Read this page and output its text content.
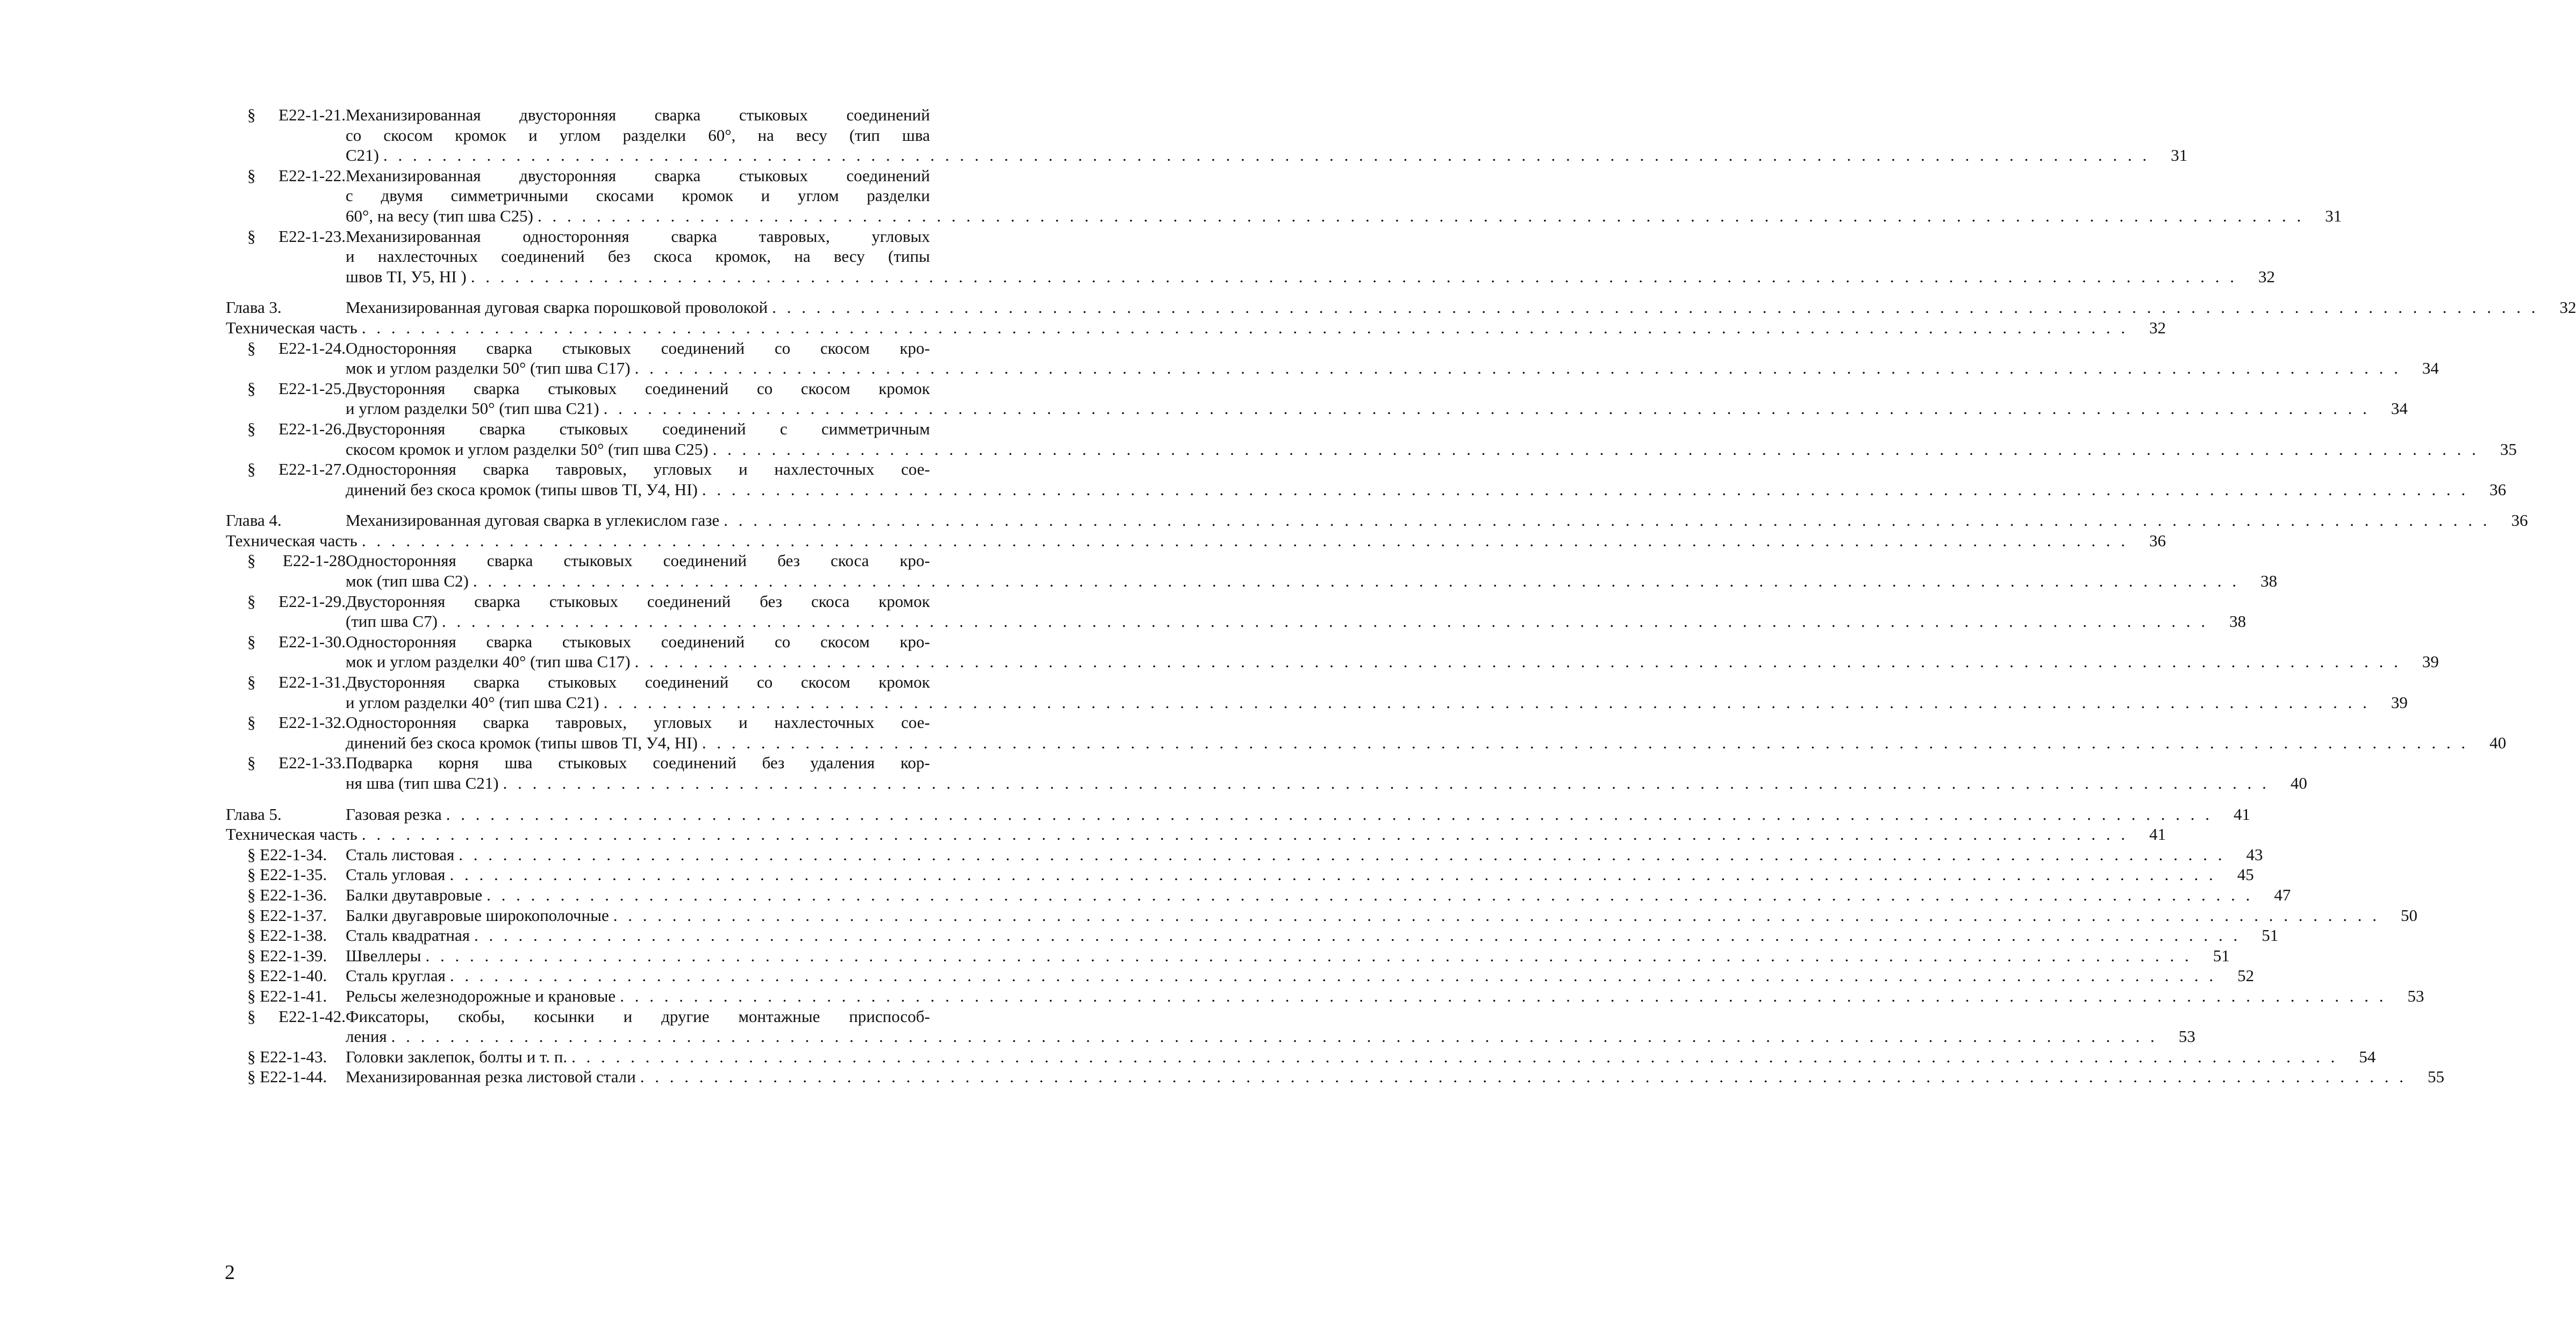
§ Е22-1-21.Механизированная двусторонняя сварка стыковых соединений
со скосом кромок и углом разделки 60°, на весу (тип шва
С21) . . . . . . . . . . . . . . . . . . . . . . . . . . . . . . . . . . . . . . . . . . . . . . . . . . . . . . . . . . . . . . . . . . . . . . . . . . . . . . . . . . . . . . . . . . . . . . . . . . . . . . . . . . . . . . . . . . . . . . . .	31
§ Е22-1-22.Механизированная двусторонняя сварка стыковых соединений
с двумя симметричными скосами кромок и углом разделки
60°, на весу (тип шва С25) . . . . . . . . . . . . . . . . . . . . . . . . . . . . . . . . . . . . . . . . . . . . . . . . . . . . . . . . . . . . . . . . . . . . . . . . . . . . . . . . . . . . . . . . . . . . . . . . . . . . . . . . . . . . . . . . . . . . . . . .	31
§ Е22-1-23.Механизированная односторонняя сварка тавровых, угловых
и нахлесточных соединений без скоса кромок, на весу (типы
швов TI, У5, HI ) . . . . . . . . . . . . . . . . . . . . . . . . . . . . . . . . . . . . . . . . . . . . . . . . . . . . . . . . . . . . . . . . . . . . . . . . . . . . . . . . . . . . . . . . . . . . . . . . . . . . . . . . . . . . . . . . . . . . . . . .	32
Глава 3.	Механизированная дуговая сварка порошковой проволокой . . . . . . . . . . . . . . . . . . . . . . . . . . . . . . . . . . . . . . . . . . . . . . . . . . . . . . . . . . . . . . . . . . . . . . . . . . . . . . . . . . . . . . . . . . . . . . . . . . . . . . . . . . . . . . . . . . . . . . . .	32
Техническая часть . . . . . . . . . . . . . . . . . . . . . . . . . . . . . . . . . . . . . . . . . . . . . . . . . . . . . . . . . . . . . . . . . . . . . . . . . . . . . . . . . . . . . . . . . . . . . . . . . . . . . . . . . . . . . . . . . . . . . . . .	32
§ Е22-1-24.Односторонняя сварка стыковых соединений со скосом кро-
мок и углом разделки 50° (тип шва С17) . . . . . . . . . . . . . . . . . . . . . . . . . . . . . . . . . . . . . . . . . . . . . . . . . . . . . . . . . . . . . . . . . . . . . . . . . . . . . . . . . . . . . . . . . . . . . . . . . . . . . . . . . . . . . . . . . . . . . . . .	34
§ Е22-1-25.Двусторонняя сварка стыковых соединений со скосом кромок
и углом разделки 50° (тип шва С21) . . . . . . . . . . . . . . . . . . . . . . . . . . . . . . . . . . . . . . . . . . . . . . . . . . . . . . . . . . . . . . . . . . . . . . . . . . . . . . . . . . . . . . . . . . . . . . . . . . . . . . . . . . . . . . . . . . . . . . . .	34
§ Е22-1-26.Двусторонняя сварка стыковых соединений с симметричным
скосом кромок и углом разделки 50° (тип шва С25) . . . . . . . . . . . . . . . . . . . . . . . . . . . . . . . . . . . . . . . . . . . . . . . . . . . . . . . . . . . . . . . . . . . . . . . . . . . . . . . . . . . . . . . . . . . . . . . . . . . . . . . . . . . . . . . . . . . . . . . .	35
§ Е22-1-27.Односторонняя сварка тавровых, угловых и нахлесточных сое-
динений без скоса кромок (типы швов TI, У4, HI) . . . . . . . . . . . . . . . . . . . . . . . . . . . . . . . . . . . . . . . . . . . . . . . . . . . . . . . . . . . . . . . . . . . . . . . . . . . . . . . . . . . . . . . . . . . . . . . . . . . . . . . . . . . . . . . . . . . . . . . .	36
Глава 4.	Механизированная дуговая сварка в углекислом газе . . . . . . . . . . . . . . . . . . . . . . . . . . . . . . . . . . . . . . . . . . . . . . . . . . . . . . . . . . . . . . . . . . . . . . . . . . . . . . . . . . . . . . . . . . . . . . . . . . . . . . . . . . . . . . . . . . . . . . . .	36
Техническая часть . . . . . . . . . . . . . . . . . . . . . . . . . . . . . . . . . . . . . . . . . . . . . . . . . . . . . . . . . . . . . . . . . . . . . . . . . . . . . . . . . . . . . . . . . . . . . . . . . . . . . . . . . . . . . . . . . . . . . . . .	36
§ Е22-1-28Односторонняя сварка стыковых соединений без скоса кро-
мок (тип шва С2) . . . . . . . . . . . . . . . . . . . . . . . . . . . . . . . . . . . . . . . . . . . . . . . . . . . . . . . . . . . . . . . . . . . . . . . . . . . . . . . . . . . . . . . . . . . . . . . . . . . . . . . . . . . . . . . . . . . . . . . .	38
§ Е22-1-29.Двусторонняя сварка стыковых соединений без скоса кромок
(тип шва С7) . . . . . . . . . . . . . . . . . . . . . . . . . . . . . . . . . . . . . . . . . . . . . . . . . . . . . . . . . . . . . . . . . . . . . . . . . . . . . . . . . . . . . . . . . . . . . . . . . . . . . . . . . . . . . . . . . . . . . . . .	38
§ Е22-1-30.Односторонняя сварка стыковых соединений со скосом кро-
мок и углом разделки 40° (тип шва С17) . . . . . . . . . . . . . . . . . . . . . . . . . . . . . . . . . . . . . . . . . . . . . . . . . . . . . . . . . . . . . . . . . . . . . . . . . . . . . . . . . . . . . . . . . . . . . . . . . . . . . . . . . . . . . . . . . . . . . . . .	39
§ Е22-1-31.Двусторонняя сварка стыковых соединений со скосом кромок
и углом разделки 40° (тип шва С21) . . . . . . . . . . . . . . . . . . . . . . . . . . . . . . . . . . . . . . . . . . . . . . . . . . . . . . . . . . . . . . . . . . . . . . . . . . . . . . . . . . . . . . . . . . . . . . . . . . . . . . . . . . . . . . . . . . . . . . . .	39
§ Е22-1-32.Односторонняя сварка тавровых, угловых и нахлесточных сое-
динений без скоса кромок (типы швов TI, У4, HI) . . . . . . . . . . . . . . . . . . . . . . . . . . . . . . . . . . . . . . . . . . . . . . . . . . . . . . . . . . . . . . . . . . . . . . . . . . . . . . . . . . . . . . . . . . . . . . . . . . . . . . . . . . . . . . . . . . . . . . . .	40
§ Е22-1-33.Подварка корня шва стыковых соединений без удаления кор-
ня шва (тип шва С21) . . . . . . . . . . . . . . . . . . . . . . . . . . . . . . . . . . . . . . . . . . . . . . . . . . . . . . . . . . . . . . . . . . . . . . . . . . . . . . . . . . . . . . . . . . . . . . . . . . . . . . . . . . . . . . . . . . . . . . . .	40
Глава 5.	Газовая резка . . . . . . . . . . . . . . . . . . . . . . . . . . . . . . . . . . . . . . . . . . . . . . . . . . . . . . . . . . . . . . . . . . . . . . . . . . . . . . . . . . . . . . . . . . . . . . . . . . . . . . . . . . . . . . . . . . . . . . . .	41
Техническая часть . . . . . . . . . . . . . . . . . . . . . . . . . . . . . . . . . . . . . . . . . . . . . . . . . . . . . . . . . . . . . . . . . . . . . . . . . . . . . . . . . . . . . . . . . . . . . . . . . . . . . . . . . . . . . . . . . . . . . . . .	41
§ Е22-1-34. Сталь листовая . . . . . . . . . . . . . . . . . . . . . . . . . . . . . . . . . . . . . . . . . . . . . . . . . . . . . . . . . . . . . . . . . . . . . . . . . . . . . . . . . . . . . . . . . . . . . . . . . . . . . . . . . . . . . . . . . . . . . . . .	43
§ Е22-1-35. Сталь угловая . . . . . . . . . . . . . . . . . . . . . . . . . . . . . . . . . . . . . . . . . . . . . . . . . . . . . . . . . . . . . . . . . . . . . . . . . . . . . . . . . . . . . . . . . . . . . . . . . . . . . . . . . . . . . . . . . . . . . . . .	45
§ Е22-1-36. Балки двутавровые . . . . . . . . . . . . . . . . . . . . . . . . . . . . . . . . . . . . . . . . . . . . . . . . . . . . . . . . . . . . . . . . . . . . . . . . . . . . . . . . . . . . . . . . . . . . . . . . . . . . . . . . . . . . . . . . . . . . . . . .	47
§ Е22-1-37. Балки двугавровые широкополочные . . . . . . . . . . . . . . . . . . . . . . . . . . . . . . . . . . . . . . . . . . . . . . . . . . . . . . . . . . . . . . . . . . . . . . . . . . . . . . . . . . . . . . . . . . . . . . . . . . . . . . . . . . . . . . . . . . . . . . . .	50
§ Е22-1-38. Сталь квадратная . . . . . . . . . . . . . . . . . . . . . . . . . . . . . . . . . . . . . . . . . . . . . . . . . . . . . . . . . . . . . . . . . . . . . . . . . . . . . . . . . . . . . . . . . . . . . . . . . . . . . . . . . . . . . . . . . . . . . . . .	51
§ Е22-1-39. Швеллеры . . . . . . . . . . . . . . . . . . . . . . . . . . . . . . . . . . . . . . . . . . . . . . . . . . . . . . . . . . . . . . . . . . . . . . . . . . . . . . . . . . . . . . . . . . . . . . . . . . . . . . . . . . . . . . . . . . . . . . . .	51
§ Е22-1-40. Сталь круглая . . . . . . . . . . . . . . . . . . . . . . . . . . . . . . . . . . . . . . . . . . . . . . . . . . . . . . . . . . . . . . . . . . . . . . . . . . . . . . . . . . . . . . . . . . . . . . . . . . . . . . . . . . . . . . . . . . . . . . . .	52
§ Е22-1-41. Рельсы железнодорожные и крановые . . . . . . . . . . . . . . . . . . . . . . . . . . . . . . . . . . . . . . . . . . . . . . . . . . . . . . . . . . . . . . . . . . . . . . . . . . . . . . . . . . . . . . . . . . . . . . . . . . . . . . . . . . . . . . . . . . . . . . . .	53
§ Е22-1-42.Фиксаторы, скобы, косынки и другие монтажные приспособ-
ления . . . . . . . . . . . . . . . . . . . . . . . . . . . . . . . . . . . . . . . . . . . . . . . . . . . . . . . . . . . . . . . . . . . . . . . . . . . . . . . . . . . . . . . . . . . . . . . . . . . . . . . . . . . . . . . . . . . . . . . .	53
§ Е22-1-43. Головки заклепок, болты и т. п. . . . . . . . . . . . . . . . . . . . . . . . . . . . . . . . . . . . . . . . . . . . . . . . . . . . . . . . . . . . . . . . . . . . . . . . . . . . . . . . . . . . . . . . . . . . . . . . . . . . . . . . . . . . . . . . . . . . . . . . .	54
§ Е22-1-44. Механизированная резка листовой стали . . . . . . . . . . . . . . . . . . . . . . . . . . . . . . . . . . . . . . . . . . . . . . . . . . . . . . . . . . . . . . . . . . . . . . . . . . . . . . . . . . . . . . . . . . . . . . . . . . . . . . . . . . . . . . . . . . . . . . . .	55
2
